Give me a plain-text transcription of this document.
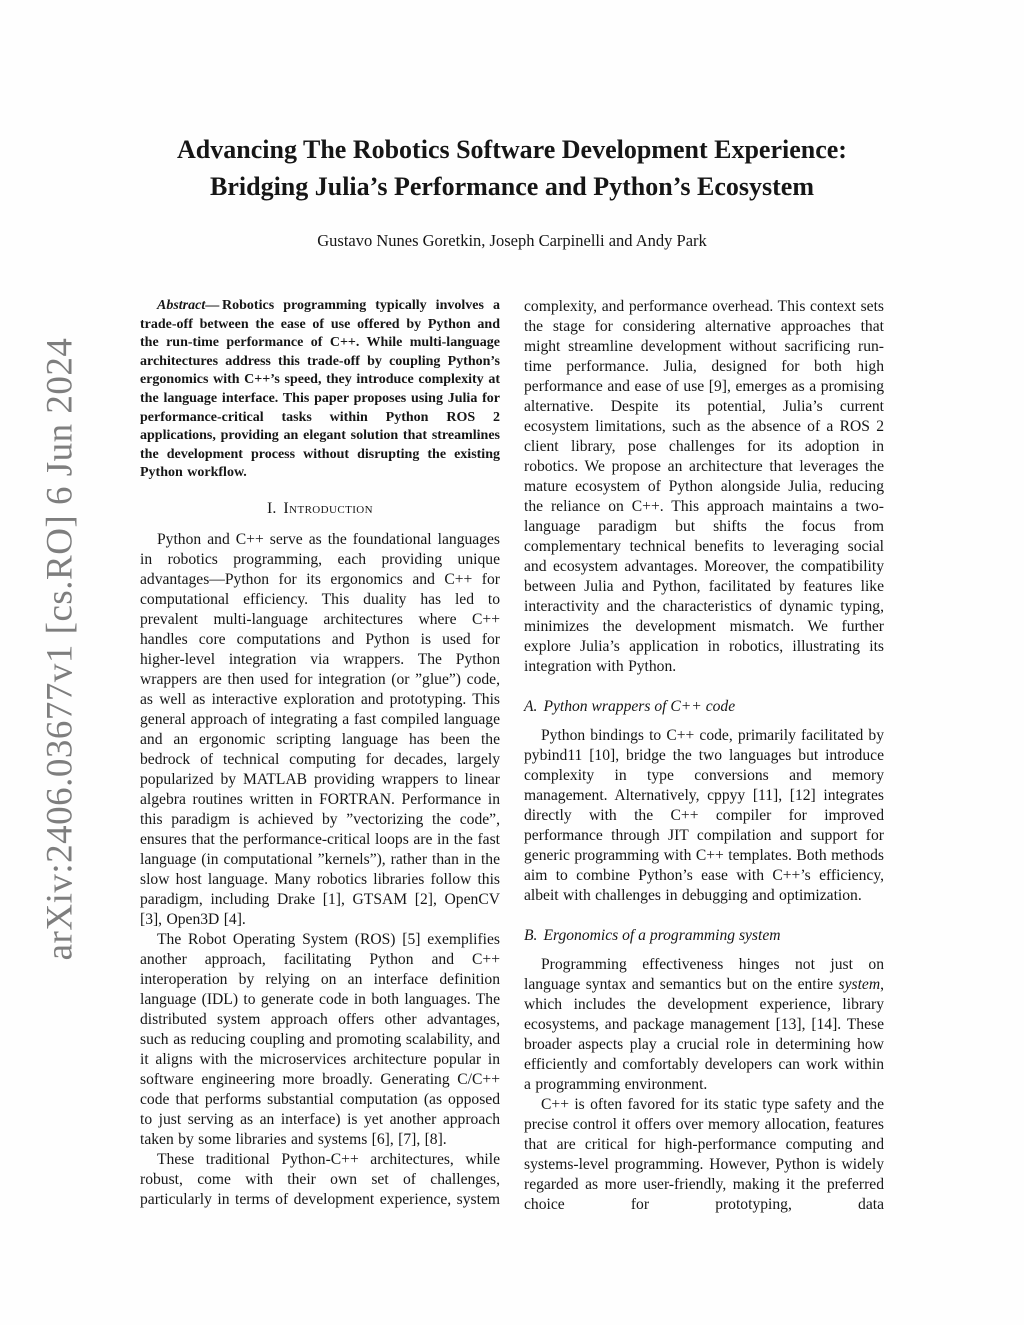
arXiv:2406.03677v1 [cs.RO] 6 Jun 2024
Advancing The Robotics Software Development Experience:
Bridging Julia’s Performance and Python’s Ecosystem
Gustavo Nunes Goretkin, Joseph Carpinelli and Andy Park

Abstract— Robotics programming typically involves a trade-off between the ease of use offered by Python and the run-time performance of C++. While multi-language architectures address this trade-off by coupling Python’s ergonomics with C++’s speed, they introduce complexity at the language interface. This paper proposes using Julia for performance-critical tasks within Python ROS 2 applications, providing an elegant solution that streamlines the development process without disrupting the existing Python workflow.

I. Introduction

Python and C++ serve as the foundational languages in robotics programming, each providing unique advantages—Python for its ergonomics and C++ for computational efficiency. This duality has led to prevalent multi-language architectures where C++ handles core computations and Python is used for higher-level integration via wrappers. The Python wrappers are then used for integration (or ”glue”) code, as well as interactive exploration and prototyping. This general approach of integrating a fast compiled language and an ergonomic scripting language has been the bedrock of technical computing for decades, largely popularized by MATLAB providing wrappers to linear algebra routines written in FORTRAN. Performance in this paradigm is achieved by ”vectorizing the code”, ensures that the performance-critical loops are in the fast language (in computational ”kernels”), rather than in the slow host language. Many robotics libraries follow this paradigm, including Drake [1], GTSAM [2], OpenCV [3], Open3D [4].

The Robot Operating System (ROS) [5] exemplifies another approach, facilitating Python and C++ interoperation by relying on an interface definition language (IDL) to generate code in both languages. The distributed system approach offers other advantages, such as reducing coupling and promoting scalability, and it aligns with the microservices architecture popular in software engineering more broadly. Generating C/C++ code that performs substantial computation (as opposed to just serving as an interface) is yet another approach taken by some libraries and systems [6], [7], [8].

These traditional Python-C++ architectures, while robust, come with their own set of challenges, particularly in terms of development experience, system

complexity, and performance overhead. This context sets the stage for considering alternative approaches that might streamline development without sacrificing run-time performance. Julia, designed for both high performance and ease of use [9], emerges as a promising alternative. Despite its potential, Julia’s current ecosystem limitations, such as the absence of a ROS 2 client library, pose challenges for its adoption in robotics. We propose an architecture that leverages the mature ecosystem of Python alongside Julia, reducing the reliance on C++. This approach maintains a two-language paradigm but shifts the focus from complementary technical benefits to leveraging social and ecosystem advantages. Moreover, the compatibility between Julia and Python, facilitated by features like interactivity and the characteristics of dynamic typing, minimizes the development mismatch. We further explore Julia’s application in robotics, illustrating its integration with Python.

A. Python wrappers of C++ code

Python bindings to C++ code, primarily facilitated by pybind11 [10], bridge the two languages but introduce complexity in type conversions and memory management. Alternatively, cppyy [11], [12] integrates directly with the C++ compiler for improved performance through JIT compilation and support for generic programming with C++ templates. Both methods aim to combine Python’s ease with C++’s efficiency, albeit with challenges in debugging and optimization.

B. Ergonomics of a programming system

Programming effectiveness hinges not just on language syntax and semantics but on the entire system, which includes the development experience, library ecosystems, and package management [13], [14]. These broader aspects play a crucial role in determining how efficiently and comfortably developers can work within a programming environment.

C++ is often favored for its static type safety and the precise control it offers over memory allocation, features that are critical for high-performance computing and systems-level programming. However, Python is widely regarded as more user-friendly, making it the preferred choice for prototyping, data
